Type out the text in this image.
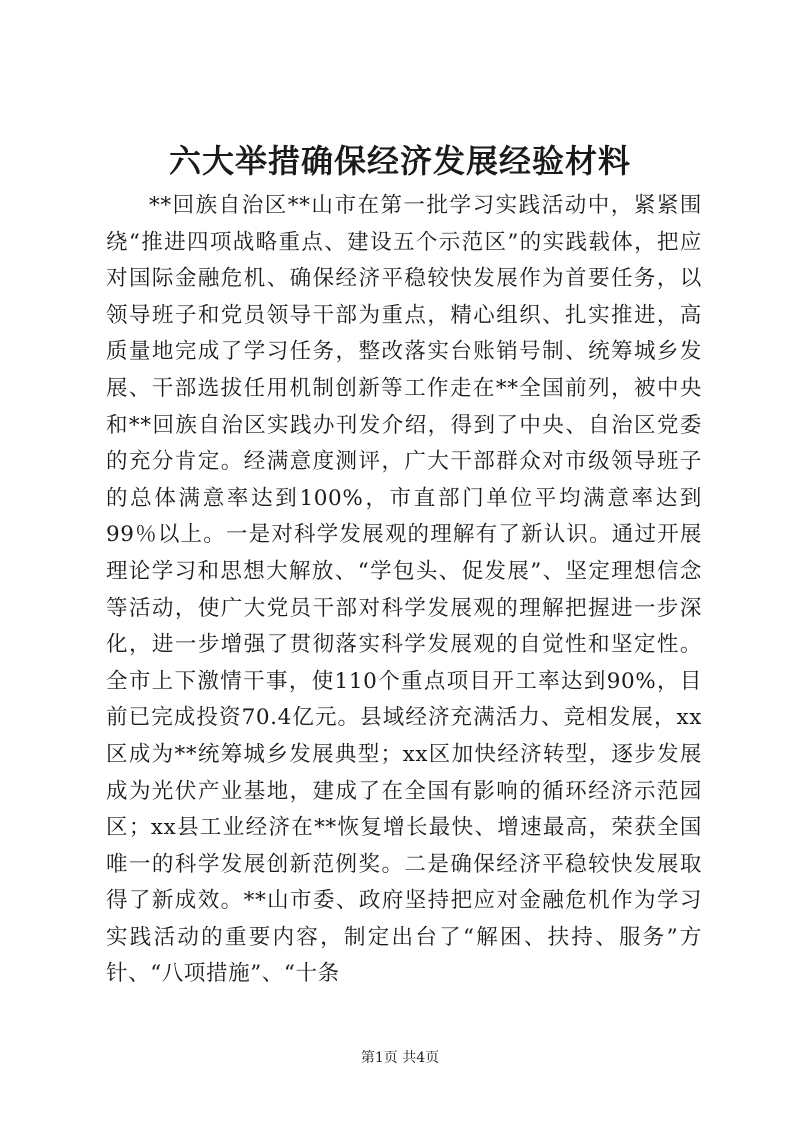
六大举措确保经济发展经验材料
**回族自治区**山市在第一批学习实践活动中，紧紧围绕“推进四项战略重点、建设五个示范区”的实践载体，把应对国际金融危机、确保经济平稳较快发展作为首要任务，以领导班子和党员领导干部为重点，精心组织、扎实推进，高质量地完成了学习任务，整改落实台账销号制、统筹城乡发展、干部选拔任用机制创新等工作走在**全国前列，被中央和**回族自治区实践办刊发介绍，得到了中央、自治区党委的充分肯定。经满意度测评，广大干部群众对市级领导班子的总体满意率达到100%，市直部门单位平均满意率达到99％以上。一是对科学发展观的理解有了新认识。通过开展理论学习和思想大解放、“学包头、促发展”、坚定理想信念等活动，使广大党员干部对科学发展观的理解把握进一步深化，进一步增强了贯彻落实科学发展观的自觉性和坚定性。全市上下激情干事，使110个重点项目开工率达到90%，目前已完成投资70.4亿元。县域经济充满活力、竞相发展，xx区成为**统筹城乡发展典型；xx区加快经济转型，逐步发展成为光伏产业基地，建成了在全国有影响的循环经济示范园区；xx县工业经济在**恢复增长最快、增速最高，荣获全国唯一的科学发展创新范例奖。二是确保经济平稳较快发展取得了新成效。**山市委、政府坚持把应对金融危机作为学习实践活动的重要内容，制定出台了“解困、扶持、服务”方针、“八项措施”、“十条
第1页 共4页
